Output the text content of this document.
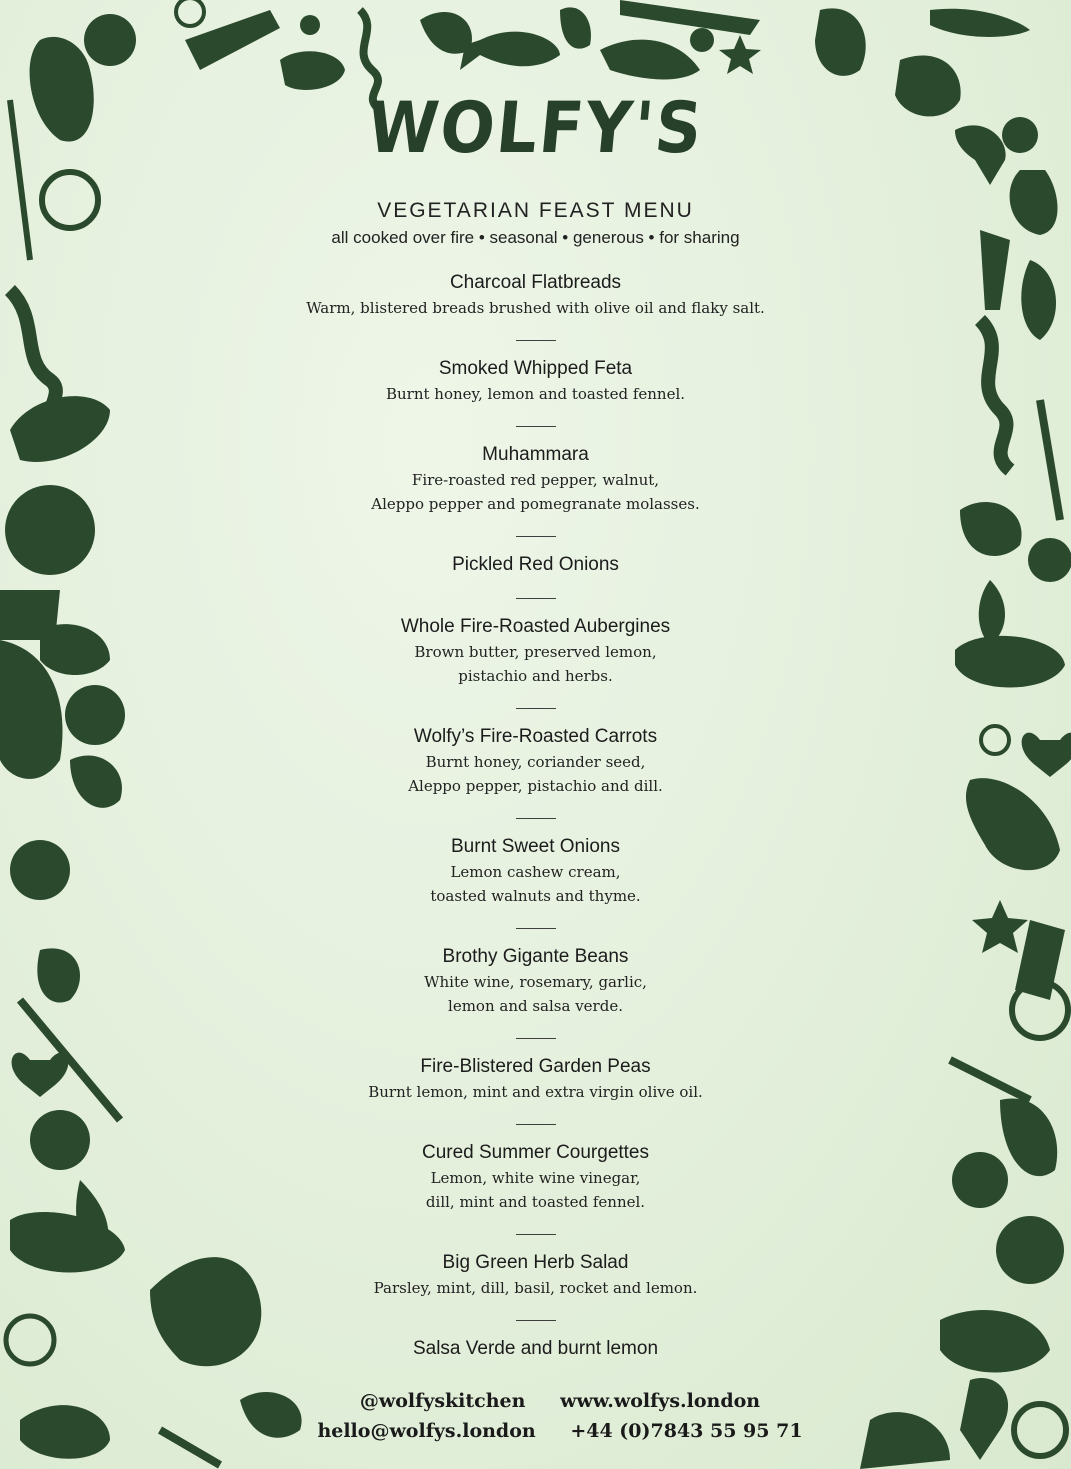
WOLFY'S
VEGETARIAN FEAST MENU

all cooked over fire • seasonal • generous • for sharing

Charcoal Flatbreads

Warm, blistered breads brushed with olive oil and flaky salt.

———

Smoked Whipped Feta

Burnt honey, lemon and toasted fennel.

———

Muhammara

Fire-roasted red pepper, walnut,
Aleppo pepper and pomegranate molasses.

———

Pickled Red Onions

———

Whole Fire-Roasted Aubergines

Brown butter, preserved lemon,
pistachio and herbs.

———

Wolfy’s Fire-Roasted Carrots

Burnt honey, coriander seed,
Aleppo pepper, pistachio and dill.

———

Burnt Sweet Onions

Lemon cashew cream,
toasted walnuts and thyme.

———

Brothy Gigante Beans

White wine, rosemary, garlic,
lemon and salsa verde.

———

Fire-Blistered Garden Peas

Burnt lemon, mint and extra virgin olive oil.

———

Cured Summer Courgettes

Lemon, white wine vinegar,
dill, mint and toasted fennel.

———

Big Green Herb Salad

Parsley, mint, dill, basil, rocket and lemon.

———

Salsa Verde and burnt lemon

@wolfyskitchen www.wolfys.london
hello@wolfys.london +44 (0)7843 55 95 71
